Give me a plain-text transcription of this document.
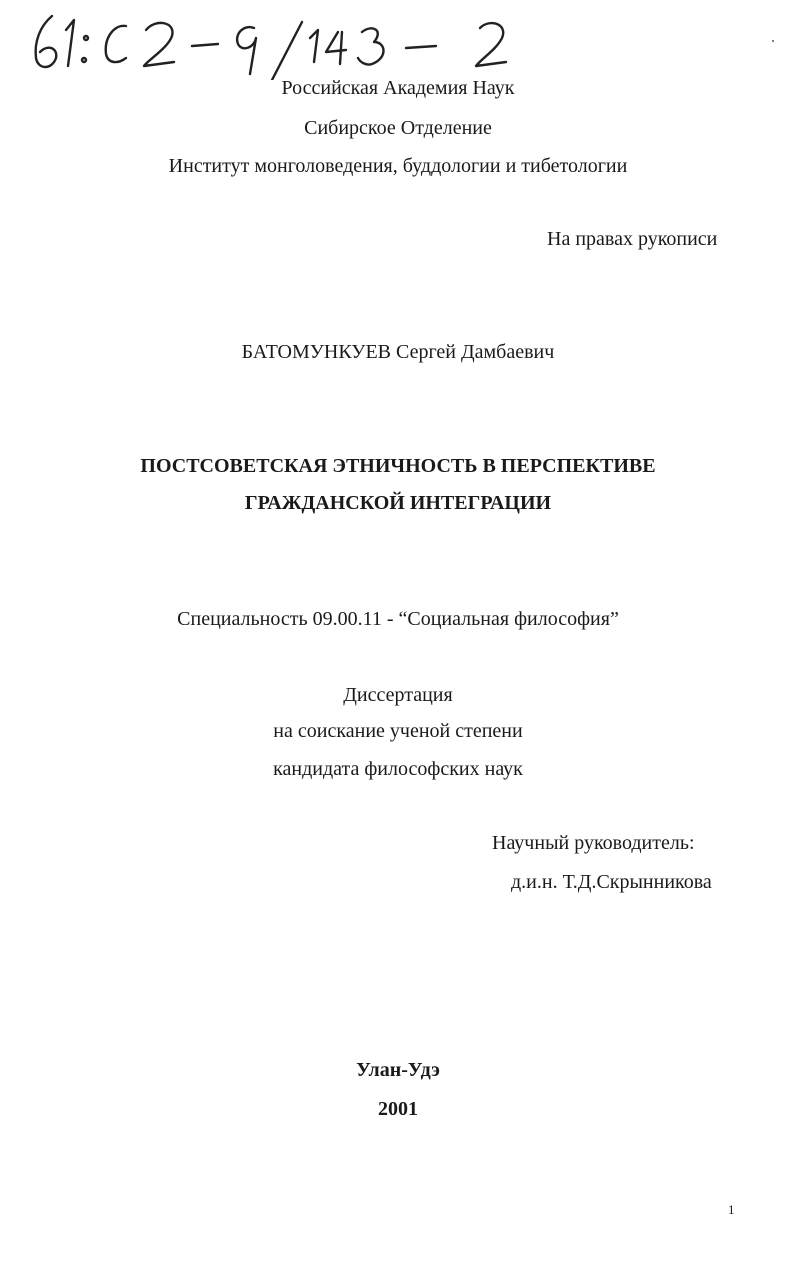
Российская Академия Наук
Сибирское Отделение
Институт монголоведения, буддологии и тибетологии
На правах рукописи
БАТОМУНКУЕВ Сергей Дамбаевич
ПОСТСОВЕТСКАЯ ЭТНИЧНОСТЬ В ПЕРСПЕКТИВЕ
ГРАЖДАНСКОЙ ИНТЕГРАЦИИ
Специальность 09.00.11 - “Социальная философия”
Диссертация
на соискание ученой степени
кандидата философских наук
Научный руководитель:
д.и.н. Т.Д.Скрынникова
Улан-Удэ
2001
1
